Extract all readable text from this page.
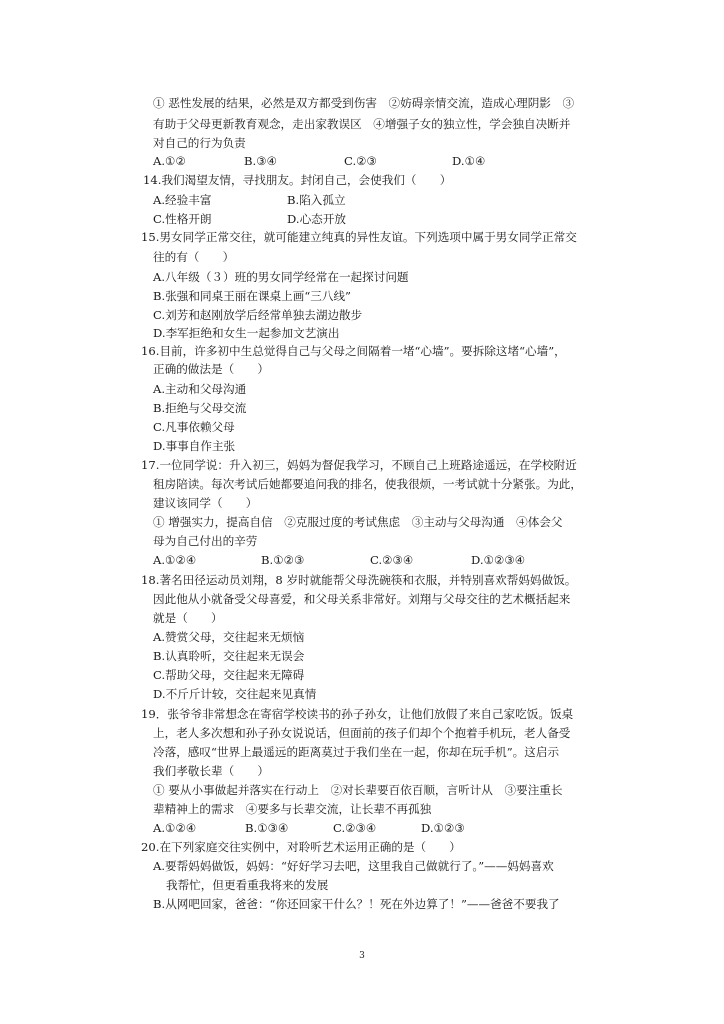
① 恶性发展的结果，必然是双方都受到伤害　②妨碍亲情交流，造成心理阴影　③
有助于父母更新教育观念，走出家教误区　④增强子女的独立性，学会独自决断并
对自己的行为负责
A.①②	B.③④	C.②③	D.①④
14.我们渴望友情，寻找朋友。封闭自己，会使我们（　　）
A.经验丰富	B.陷入孤立
C.性格开朗	D.心态开放
15.男女同学正常交往，就可能建立纯真的异性友谊。下列选项中属于男女同学正常交
往的有（　　）
A.八年级（３）班的男女同学经常在一起探讨问题
B.张强和同桌王丽在课桌上画“三八线”
C.刘芳和赵刚放学后经常单独去湖边散步
D.李军拒绝和女生一起参加文艺演出
16.目前，许多初中生总觉得自己与父母之间隔着一堵“心墙”。要拆除这堵“心墙”，
正确的做法是（　　）
A.主动和父母沟通
B.拒绝与父母交流
C.凡事依赖父母
D.事事自作主张
17.一位同学说：升入初三，妈妈为督促我学习，不顾自己上班路途遥远，在学校附近
租房陪读。每次考试后她都要追问我的排名，使我很烦，一考试就十分紧张。为此，
建议该同学（　　）
① 增强实力，提高自信　②克服过度的考试焦虑　③主动与父母沟通　④体会父
母为自己付出的辛劳
A.①②④	B.①②③	C.②③④	D.①②③④
18.著名田径运动员刘翔，8 岁时就能帮父母洗碗筷和衣服，并特别喜欢帮妈妈做饭。
因此他从小就备受父母喜爱，和父母关系非常好。刘翔与父母交往的艺术概括起来
就是（　　）
A.赞赏父母，交往起来无烦恼
B.认真聆听，交往起来无误会
C.帮助父母，交往起来无障碍
D.不斤斤计较，交往起来见真情
19．张爷爷非常想念在寄宿学校读书的孙子孙女，让他们放假了来自己家吃饭。饭桌
上，老人多次想和孙子孙女说说话，但面前的孩子们却个个抱着手机玩，老人备受
冷落，感叹“世界上最遥远的距离莫过于我们坐在一起，你却在玩手机”。这启示
我们孝敬长辈（　　）
① 要从小事做起并落实在行动上　②对长辈要百依百顺，言听计从　③要注重长
辈精神上的需求　④要多与长辈交流，让长辈不再孤独
A.①②④	B.①③④	C.②③④	D.①②③
20.在下列家庭交往实例中，对聆听艺术运用正确的是（　　）
A.要帮妈妈做饭，妈妈：“好好学习去吧，这里我自己做就行了。”——妈妈喜欢
我帮忙，但更看重我将来的发展
B.从网吧回家，爸爸：“你还回家干什么？！死在外边算了！”——爸爸不要我了
3
